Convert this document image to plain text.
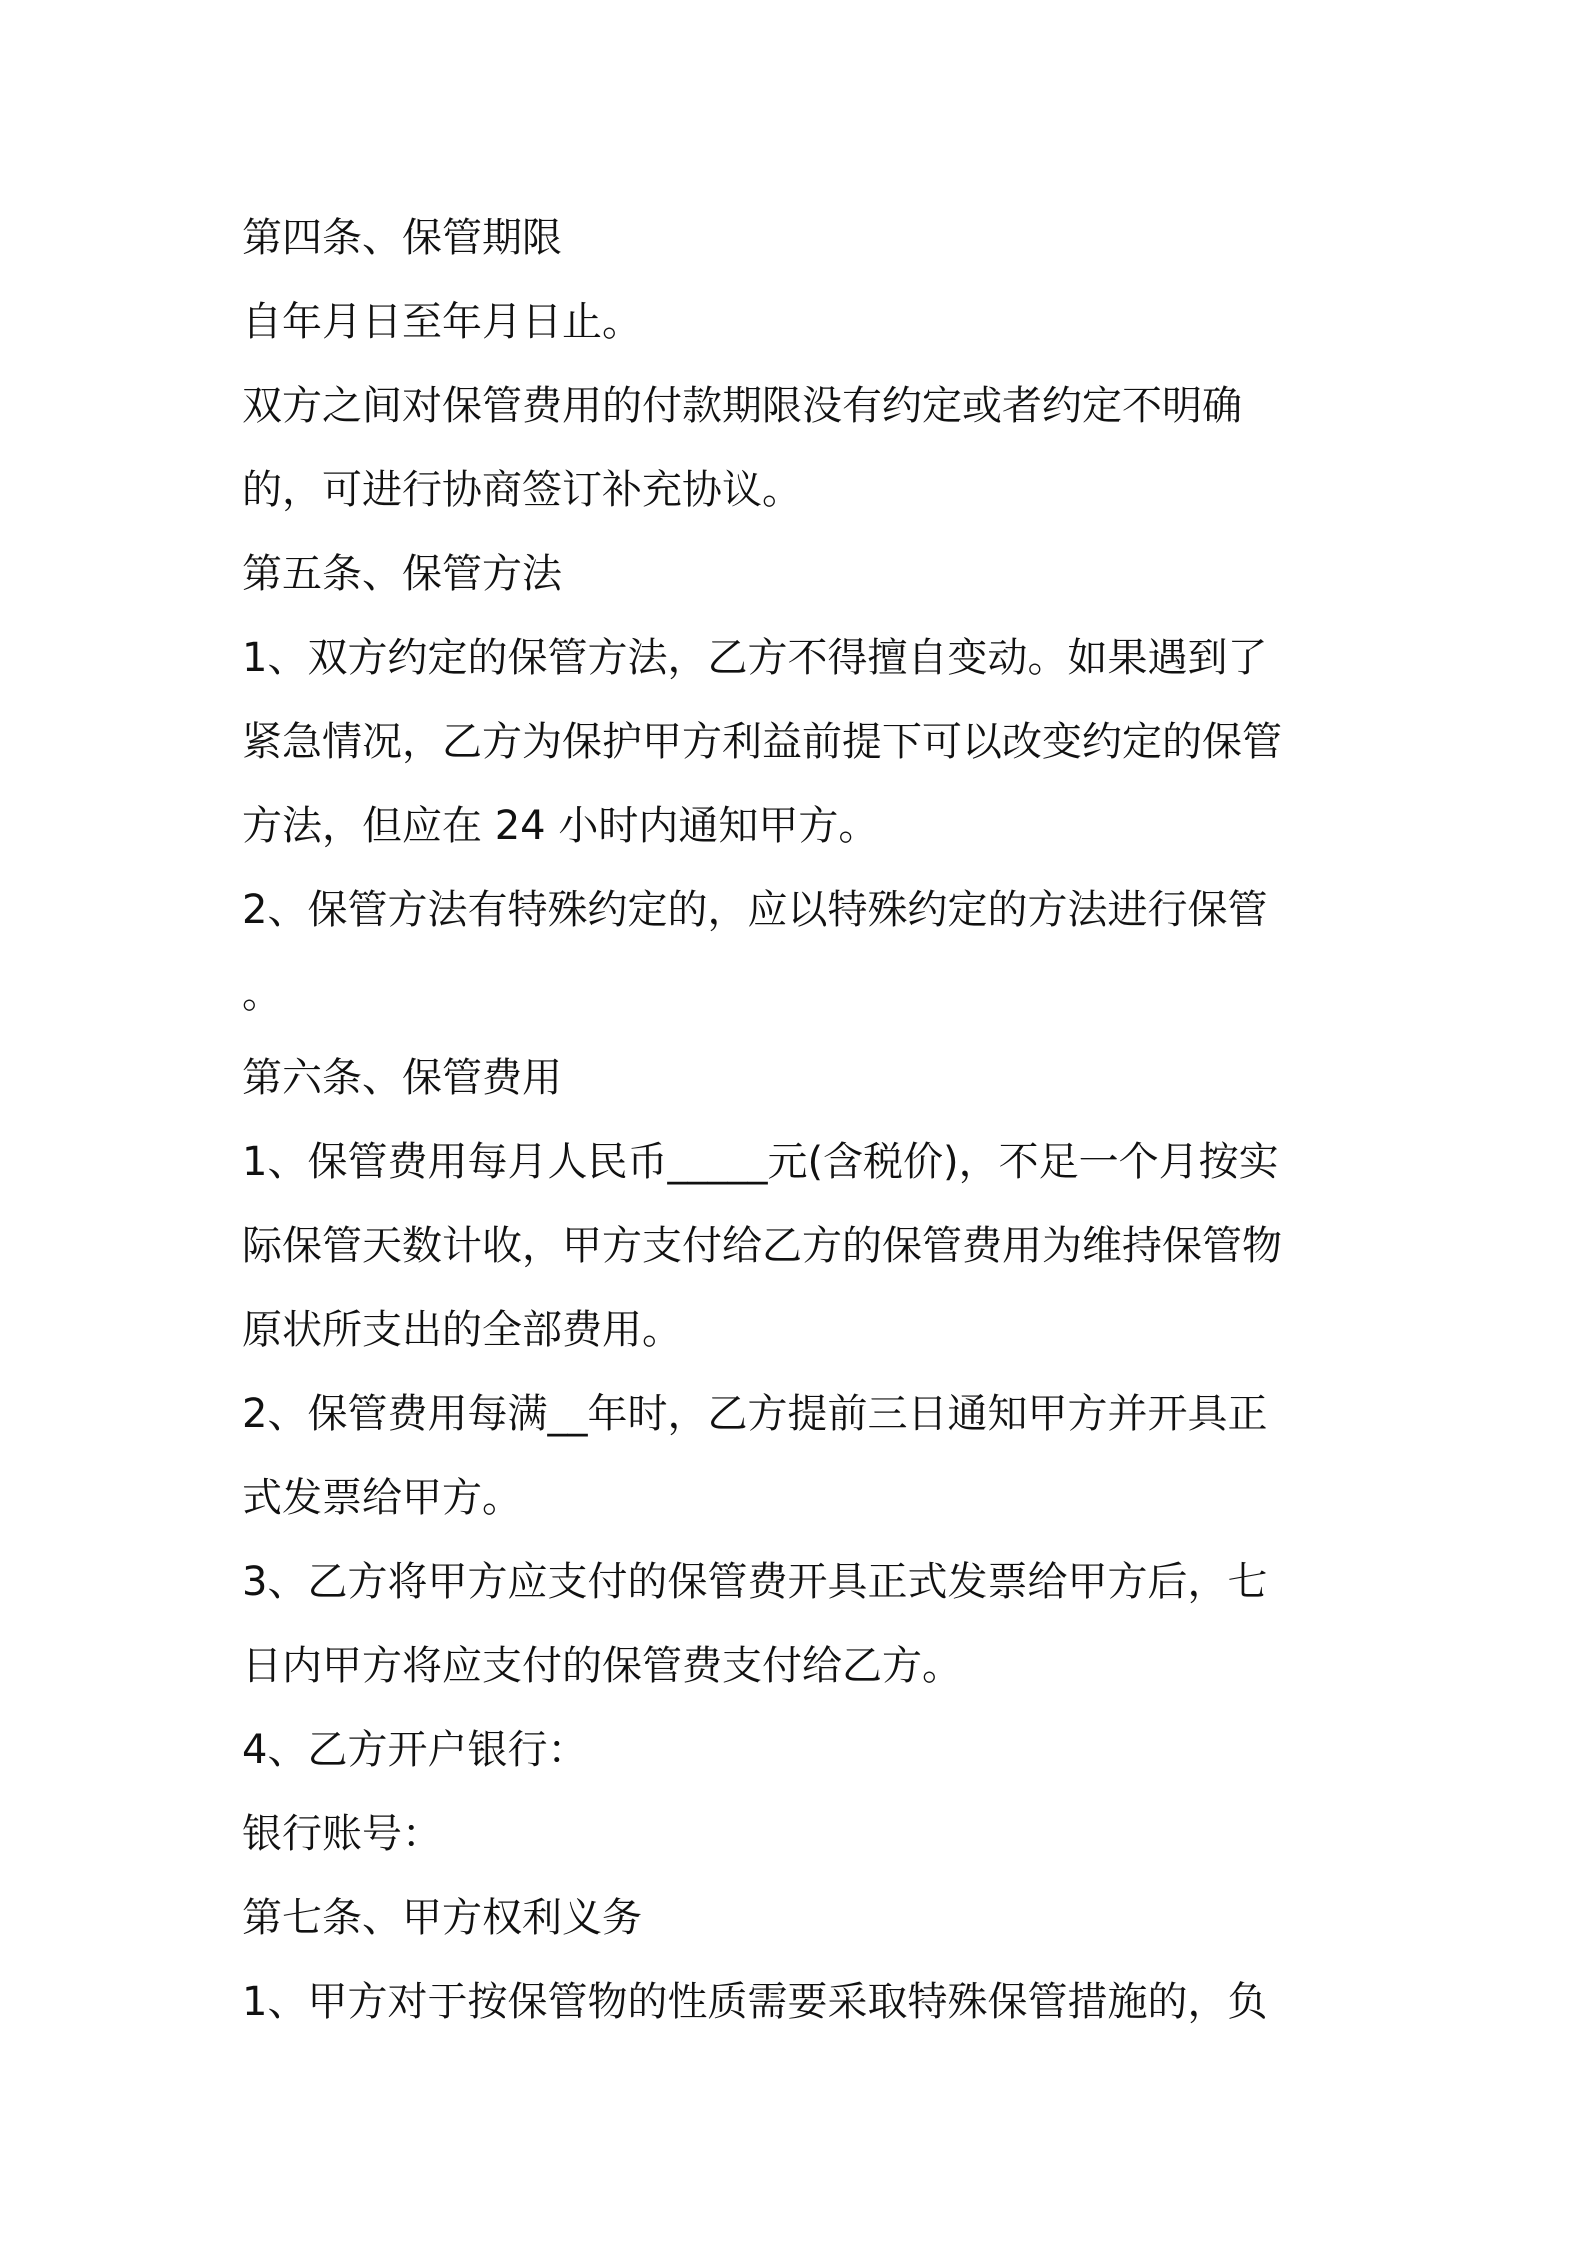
第四条、保管期限

自年月日至年月日止。

双方之间对保管费用的付款期限没有约定或者约定不明确

的，可进行协商签订补充协议。

第五条、保管方法

1、双方约定的保管方法，乙方不得擅自变动。如果遇到了

紧急情况，乙方为保护甲方利益前提下可以改变约定的保管

方法，但应在 24 小时内通知甲方。

2、保管方法有特殊约定的，应以特殊约定的方法进行保管

。

第六条、保管费用

1、保管费用每月人民币_____元(含税价)，不足一个月按实

际保管天数计收，甲方支付给乙方的保管费用为维持保管物

原状所支出的全部费用。

2、保管费用每满__年时，乙方提前三日通知甲方并开具正

式发票给甲方。

3、乙方将甲方应支付的保管费开具正式发票给甲方后，七

日内甲方将应支付的保管费支付给乙方。

4、乙方开户银行：

银行账号：

第七条、甲方权利义务

1、甲方对于按保管物的性质需要采取特殊保管措施的，负
